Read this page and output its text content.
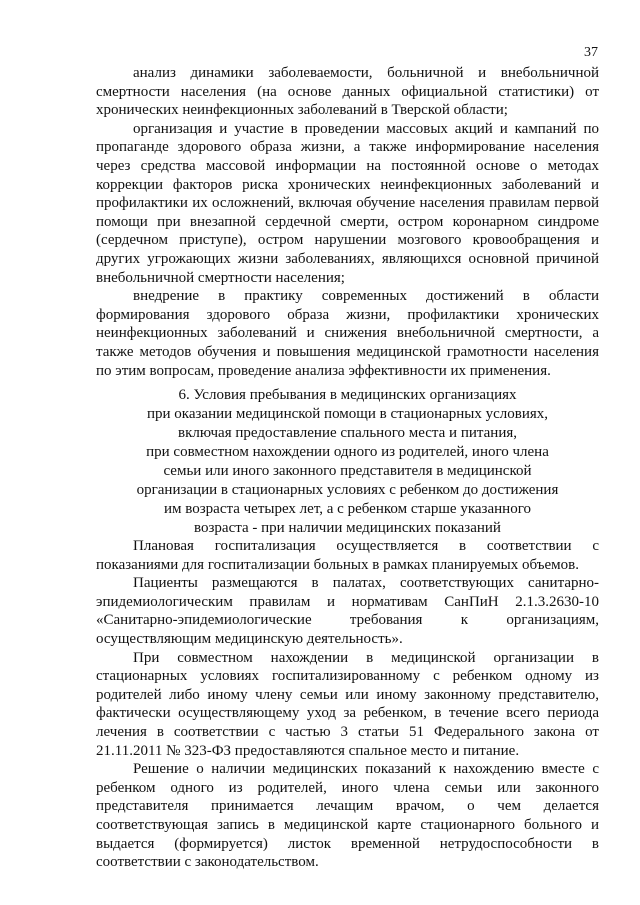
37

анализ динамики заболеваемости, больничной и внебольничной смертности населения (на основе данных официальной статистики) от хронических неинфекционных заболеваний в Тверской области;

организация и участие в проведении массовых акций и кампаний по пропаганде здорового образа жизни, а также информирование населения через средства массовой информации на постоянной основе о методах коррекции факторов риска хронических неинфекционных заболеваний и профилактики их осложнений, включая обучение населения правилам первой помощи при внезапной сердечной смерти, остром коронарном синдроме (сердечном приступе), остром нарушении мозгового кровообращения и других угрожающих жизни заболеваниях, являющихся основной причиной внебольничной смертности населения;

внедрение в практику современных достижений в области формирования здорового образа жизни, профилактики хронических неинфекционных заболеваний и снижения внебольничной смертности, а также методов обучения и повышения медицинской грамотности населения по этим вопросам, проведение анализа эффективности их применения.

6. Условия пребывания в медицинских организациях
при оказании медицинской помощи в стационарных условиях,
включая предоставление спального места и питания,
при совместном нахождении одного из родителей, иного члена
семьи или иного законного представителя в медицинской
организации в стационарных условиях с ребенком до достижения
им возраста четырех лет, а с ребенком старше указанного
возраста - при наличии медицинских показаний

Плановая госпитализация осуществляется в соответствии с показаниями для госпитализации больных в рамках планируемых объемов.

Пациенты размещаются в палатах, соответствующих санитарно-эпидемиологическим правилам и нормативам СанПиН 2.1.3.2630-10 «Санитарно-эпидемиологические требования к организациям, осуществляющим медицинскую деятельность».

При совместном нахождении в медицинской организации в стационарных условиях госпитализированному с ребенком одному из родителей либо иному члену семьи или иному законному представителю, фактически осуществляющему уход за ребенком, в течение всего периода лечения в соответствии с частью 3 статьи 51 Федерального закона от 21.11.2011 № 323-ФЗ предоставляются спальное место и питание.

Решение о наличии медицинских показаний к нахождению вместе с ребенком одного из родителей, иного члена семьи или законного представителя принимается лечащим врачом, о чем делается соответствующая запись в медицинской карте стационарного больного и выдается (формируется) листок временной нетрудоспособности в соответствии с законодательством.
